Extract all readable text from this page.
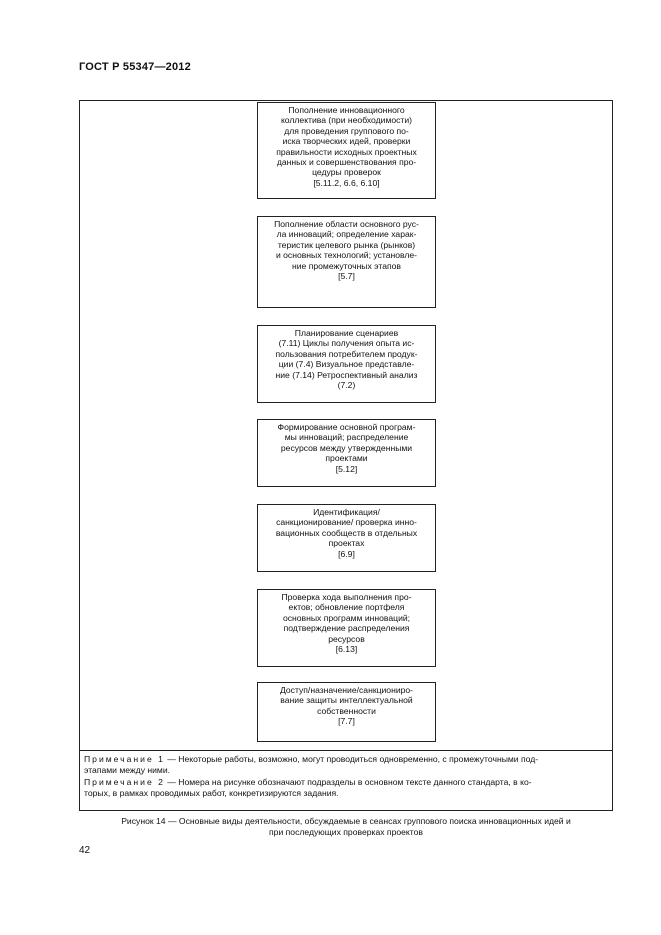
ГОСТ Р 55347—2012
Пополнение инновационного
коллектива (при необходимости)
для проведения группового по-
иска творческих идей, проверки
правильности исходных проектных
данных и совершенствования про-
цедуры проверок
[5.11.2, 6.6, 6.10]
Пополнение области основного рус-
ла инноваций; определение харак-
теристик целевого рынка (рынков)
и основных технологий; установле-
ние промежуточных этапов
[5.7]
Планирование сценариев
(7.11) Циклы получения опыта ис-
пользования потребителем продук-
ции (7.4) Визуальное представле-
ние (7.14) Ретроспективный анализ
(7.2)
Формирование основной програм-
мы инноваций; распределение
ресурсов между утвержденными
проектами
[5.12]
Идентификация/
санкционирование/ проверка инно-
вационных сообществ в отдельных
проектах
[6.9]
Проверка хода выполнения про-
ектов; обновление портфеля
основных программ инноваций;
подтверждение распределения
ресурсов
[6.13]
Доступ/назначение/санкциониро-
вание защиты интеллектуальной
собственности
[7.7]

Примечание 1 — Некоторые работы, возможно, могут проводиться одновременно, с промежуточными под-
этапами между ними.

Примечание 2 — Номера на рисунке обозначают подразделы в основном тексте данного стандарта, в ко-
торых, в рамках проводимых работ, конкретизируются задания.

Рисунок 14 — Основные виды деятельности, обсуждаемые в сеансах группового поиска инновационных идей и
при последующих проверках проектов
42
